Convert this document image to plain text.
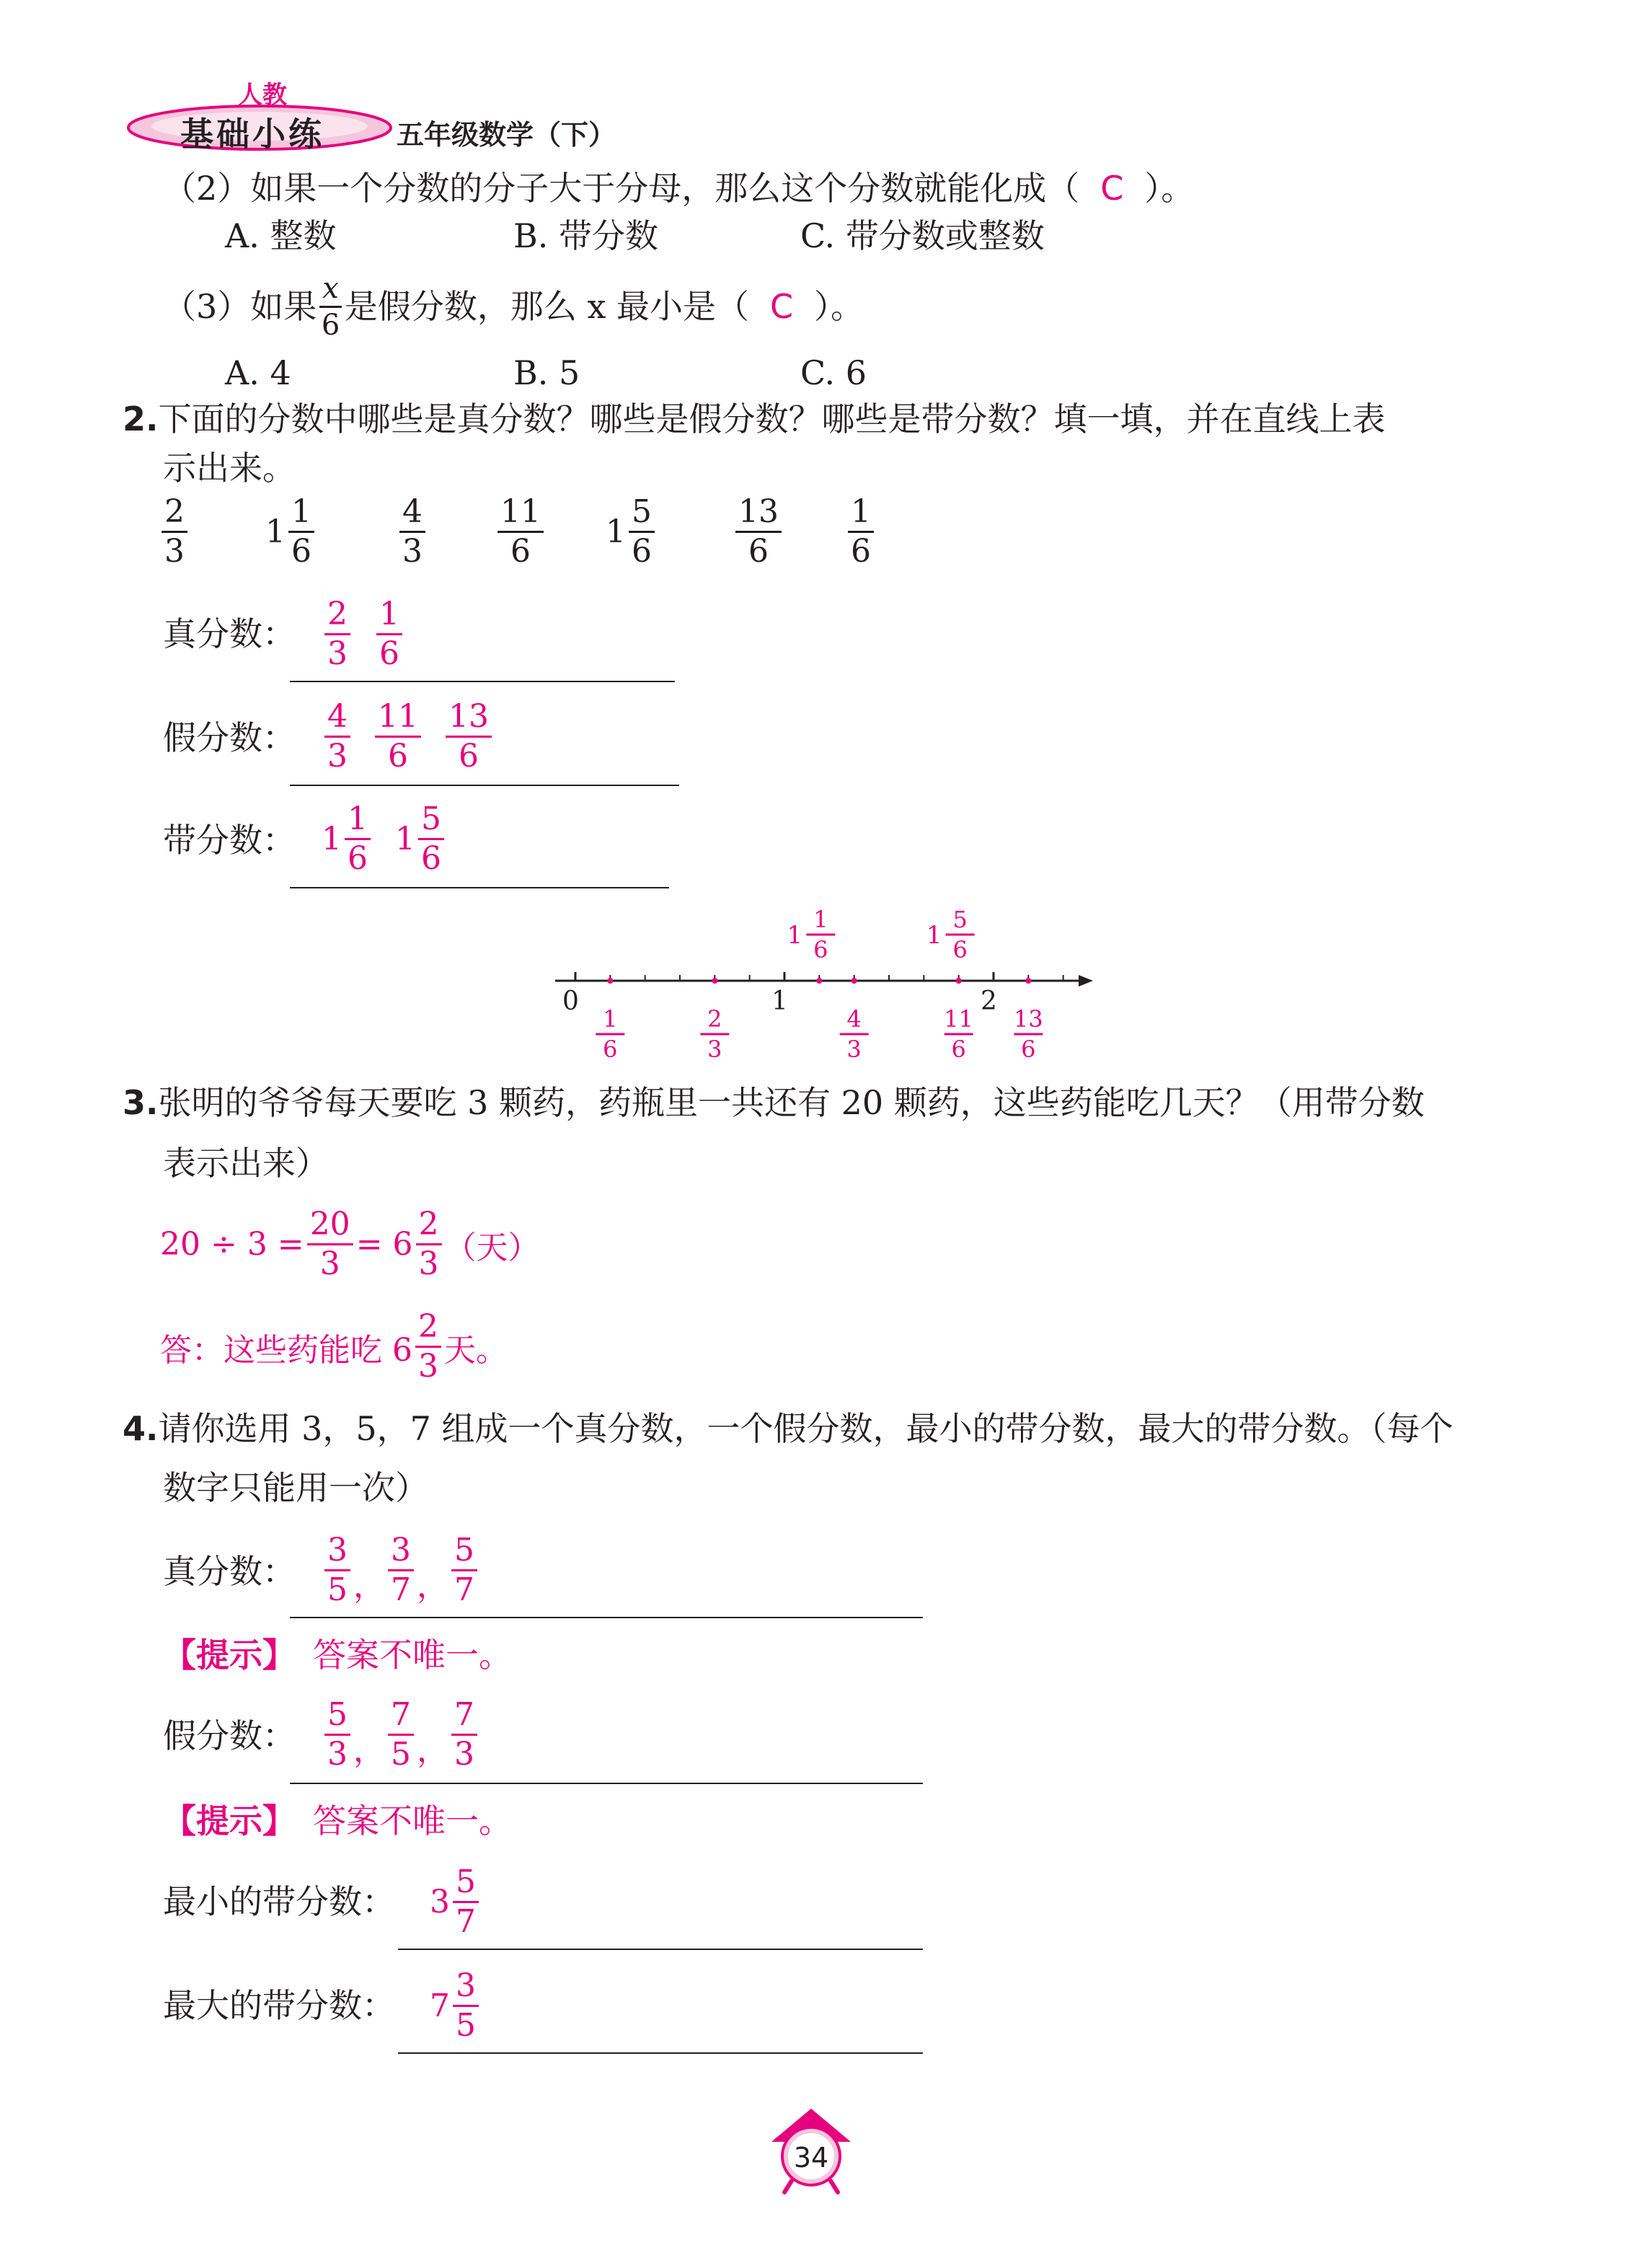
人教
基础小练	五年级数学（下）
（2）如果一个分数的分子大于分母，那么这个分数就能化成（ C ）。
A. 整数	B. 带分数	C. 带分数或整数
（3）如果 $\frac{x}{6}$ 是假分数，那么 x 最小是（ C ）。
A. 4	B. 5	C. 6
2.下面的分数中哪些是真分数？哪些是假分数？哪些是带分数？填一填，并在直线上表
示出来。
$\frac{2}{3} 1 \frac{1}{6}$	$\frac{4}{3} \frac{11}{6} 1 \frac{5}{6}$	$\frac{13}{6} \frac{1}{6}$
真分数： $\frac{2}{3} \frac{1}{6}$
假分数： $\frac{4}{3} \frac{11}{6} \frac{13}{6}$
带分数： $1 \frac{1}{6} 1 \frac{5}{6}$
0	1	2
1
1
6	1
5
6
1
6
2
3
4
3
11
6
13
6
3.张明的爷爷每天要吃 3 颗药，药瓶里一共还有 20 颗药，这些药能吃几天？（用带分数
表示出来）
$20 \div 3 = \frac{20}{3} = 6 \frac{2}{3}$ （天）
答：这些药能吃 $6 \frac{2}{3}$ 天。
4.请你选用 3，5，7 组成一个真分数，一个假分数，最小的带分数，最大的带分数。（每个
数字只能用一次）
真分数： $\frac{3}{5}$ ， $\frac{3}{7}$ ， $\frac{5}{7}$
【提示】 答案不唯一。
假分数： $\frac{5}{3}$ ， $\frac{7}{5}$ ， $\frac{7}{3}$
【提示】 答案不唯一。
最小的带分数： $3 \frac{5}{7}$
最大的带分数： $7 \frac{3}{5}$
34
